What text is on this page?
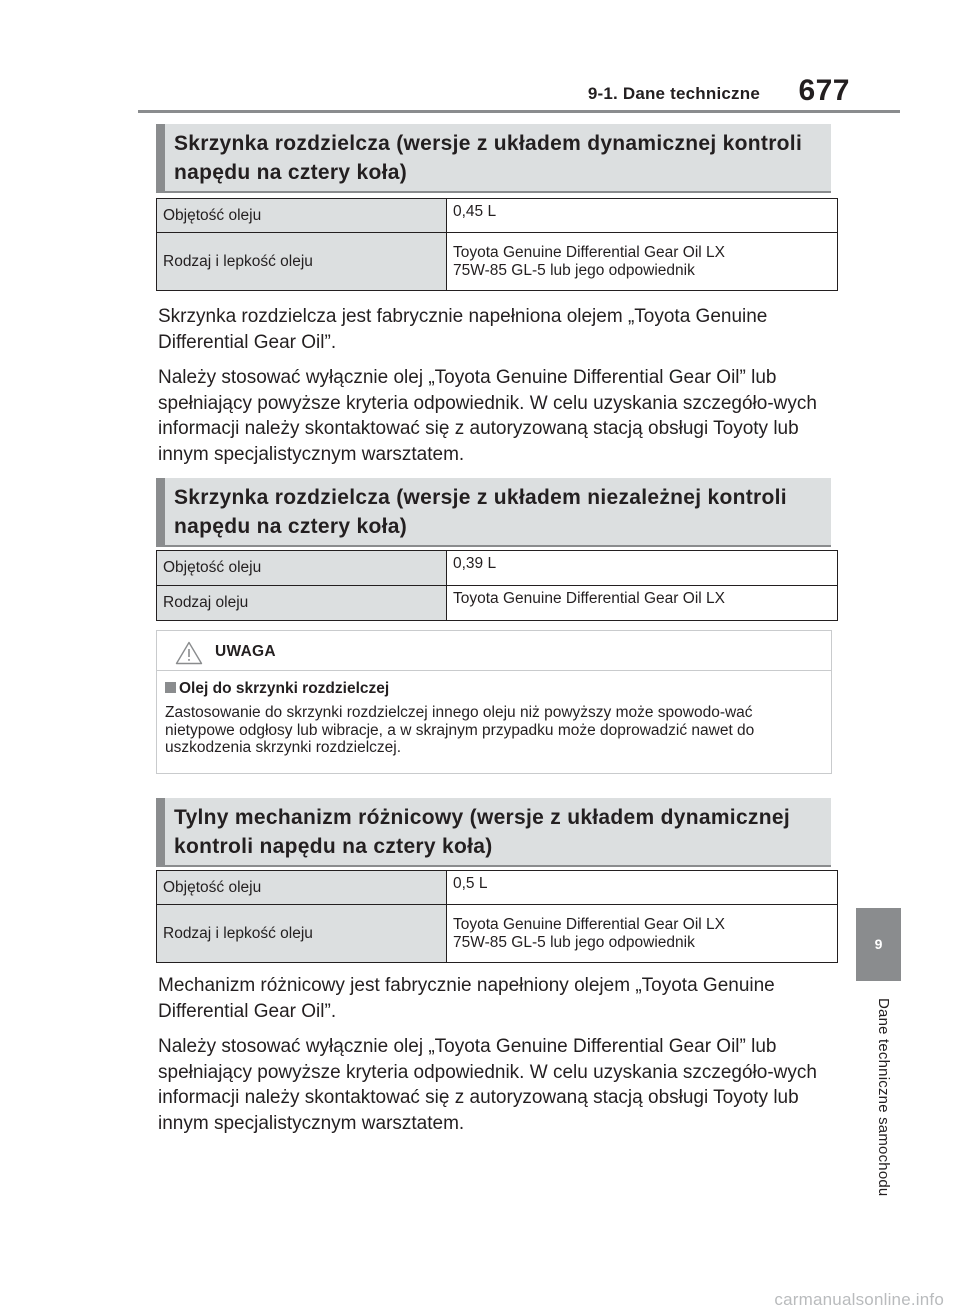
9-1. Dane techniczne 677
Skrzynka rozdzielcza (wersje z układem dynamicznej kontroli napędu na cztery koła)
Objętość oleju	0,45 L
Rodzaj i lepkość oleju	Toyota Genuine Differential Gear Oil LX
75W-85 GL-5 lub jego odpowiednik

Skrzynka rozdzielcza jest fabrycznie napełniona olejem „Toyota Genuine Differential Gear Oil”.

Należy stosować wyłącznie olej „Toyota Genuine Differential Gear Oil” lub spełniający powyższe kryteria odpowiednik. W celu uzyskania szczegóło-wych informacji należy skontaktować się z autoryzowaną stacją obsługi Toyoty lub innym specjalistycznym warsztatem.

Skrzynka rozdzielcza (wersje z układem niezależnej kontroli napędu na cztery koła)
Objętość oleju	0,39 L
Rodzaj oleju	Toyota Genuine Differential Gear Oil LX
UWAGA
Olej do skrzynki rozdzielczej
Zastosowanie do skrzynki rozdzielczej innego oleju niż powyższy może spowodo-wać nietypowe odgłosy lub wibracje, a w skrajnym przypadku może doprowadzić nawet do uszkodzenia skrzynki rozdzielczej.
Tylny mechanizm różnicowy (wersje z układem dynamicznej kontroli napędu na cztery koła)
Objętość oleju	0,5 L
Rodzaj i lepkość oleju	Toyota Genuine Differential Gear Oil LX
75W-85 GL-5 lub jego odpowiednik

Mechanizm różnicowy jest fabrycznie napełniony olejem „Toyota Genuine Differential Gear Oil”.

Należy stosować wyłącznie olej „Toyota Genuine Differential Gear Oil” lub spełniający powyższe kryteria odpowiednik. W celu uzyskania szczegóło-wych informacji należy skontaktować się z autoryzowaną stacją obsługi Toyoty lub innym specjalistycznym warsztatem.

9
Dane techniczne samochodu
carmanualsonline.info
